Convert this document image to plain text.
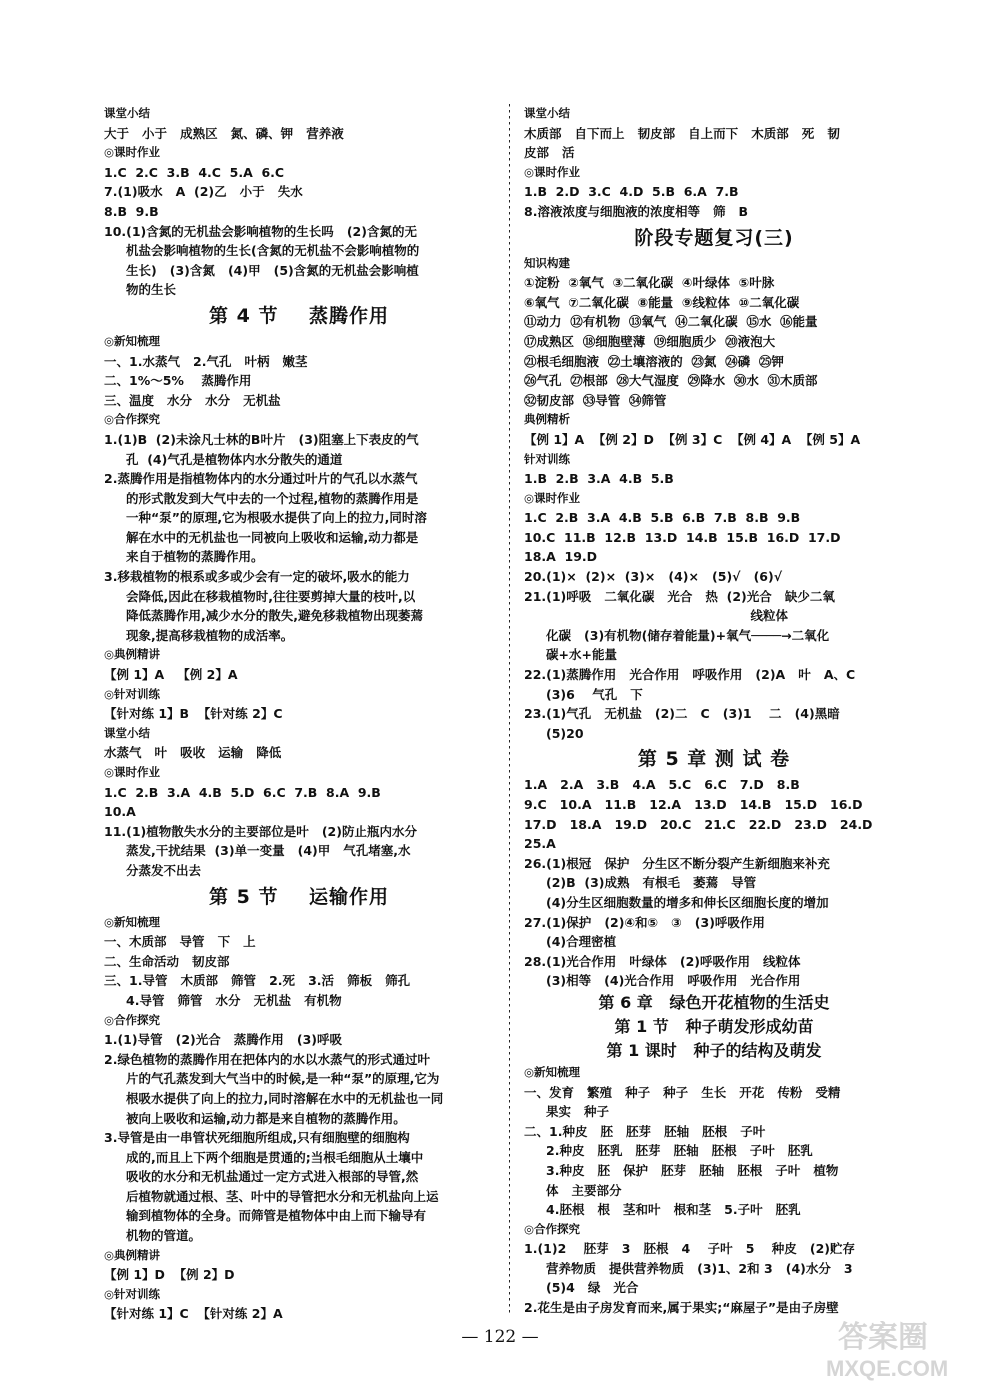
课堂小结
大于   小于   成熟区   氮、磷、钾   营养液
◎课时作业
1.C  2.C  3.B  4.C  5.A  6.C
7.(1)吸水   A  (2)乙   小于   失水
8.B  9.B
10.(1)含氮的无机盐会影响植物的生长吗   (2)含氮的无
机盐会影响植物的生长(含氮的无机盐不会影响植物的
生长)   (3)含氮   (4)甲   (5)含氮的无机盐会影响植
物的生长
第 4 节    蒸腾作用
◎新知梳理
一、1.水蒸气   2.气孔   叶柄   嫩茎
二、1%～5%    蒸腾作用
三、温度   水分   水分   无机盐
◎合作探究
1.(1)B  (2)未涂凡士林的B叶片   (3)阻塞上下表皮的气
孔  (4)气孔是植物体内水分散失的通道
2.蒸腾作用是指植物体内的水分通过叶片的气孔以水蒸气
的形式散发到大气中去的一个过程,植物的蒸腾作用是
一种“泵”的原理,它为根吸水提供了向上的拉力,同时溶
解在水中的无机盐也一同被向上吸收和运输,动力都是
来自于植物的蒸腾作用。
3.移栽植物的根系或多或少会有一定的破坏,吸水的能力
会降低,因此在移栽植物时,往往要剪掉大量的枝叶,以
降低蒸腾作用,减少水分的散失,避免移栽植物出现萎蔫
现象,提高移栽植物的成活率。
◎典例精讲
【例 1】A   【例 2】A
◎针对训练
【针对练 1】B  【针对练 2】C
课堂小结
水蒸气   叶   吸收   运输   降低
◎课时作业
1.C  2.B  3.A  4.B  5.D  6.C  7.B  8.A  9.B
10.A
11.(1)植物散失水分的主要部位是叶   (2)防止瓶内水分
蒸发,干扰结果  (3)单一变量   (4)甲   气孔堵塞,水
分蒸发不出去
第 5 节    运输作用
◎新知梳理
一、木质部   导管   下   上
二、生命活动   韧皮部
三、1.导管   木质部   筛管   2.死   3.活   筛板   筛孔
4.导管   筛管   水分   无机盐   有机物
◎合作探究
1.(1)导管   (2)光合   蒸腾作用   (3)呼吸
2.绿色植物的蒸腾作用在把体内的水以水蒸气的形式通过叶
片的气孔蒸发到大气当中的时候,是一种“泵”的原理,它为
根吸水提供了向上的拉力,同时溶解在水中的无机盐也一同
被向上吸收和运输,动力都是来自植物的蒸腾作用。
3.导管是由一串管状死细胞所组成,只有细胞壁的细胞构
成的,而且上下两个细胞是贯通的;当根毛细胞从土壤中
吸收的水分和无机盐通过一定方式进入根部的导管,然
后植物就通过根、茎、叶中的导管把水分和无机盐向上运
输到植物体的全身。而筛管是植物体中由上而下输导有
机物的管道。
◎典例精讲
【例 1】D  【例 2】D
◎针对训练
【针对练 1】C  【针对练 2】A
课堂小结
木质部   自下而上   韧皮部   自上而下   木质部   死   韧
皮部   活
◎课时作业
1.B  2.D  3.C  4.D  5.B  6.A  7.B
8.溶液浓度与细胞液的浓度相等   筛   B
阶段专题复习(三)
知识构建
①淀粉  ②氧气  ③二氧化碳  ④叶绿体  ⑤叶脉
⑥氧气  ⑦二氧化碳  ⑧能量  ⑨线粒体  ⑩二氧化碳
⑪动力  ⑫有机物  ⑬氧气  ⑭二氧化碳  ⑮水  ⑯能量
⑰成熟区  ⑱细胞壁薄  ⑲细胞质少  ⑳液泡大
㉑根毛细胞液  ㉒土壤溶液的  ㉓氮  ㉔磷  ㉕钾
㉖气孔  ㉗根部  ㉘大气湿度  ㉙降水  ㉚水  ㉛木质部
㉜韧皮部  ㉝导管  ㉞筛管
典例精析
【例 1】A  【例 2】D  【例 3】C  【例 4】A  【例 5】A
针对训练
1.B  2.B  3.A  4.B  5.B
◎课时作业
1.C  2.B  3.A  4.B  5.B  6.B  7.B  8.B  9.B
10.C  11.B  12.B  13.D  14.B  15.B  16.D  17.D
18.A  19.D
20.(1)×  (2)×  (3)×   (4)×   (5)√   (6)√
21.(1)呼吸   二氧化碳   光合   热  (2)光合   缺少二氧
线粒体
化碳   (3)有机物(储存着能量)+氧气────→二氧化
碳+水+能量
22.(1)蒸腾作用   光合作用   呼吸作用   (2)A   叶   A、C
(3)6    气孔   下
23.(1)气孔   无机盐   (2)二   C   (3)1    二   (4)黑暗
(5)20
第 5 章 测 试 卷
1.A   2.A   3.B   4.A   5.C   6.C   7.D   8.B
9.C   10.A   11.B   12.A   13.D   14.B   15.D   16.D
17.D   18.A   19.D   20.C   21.C   22.D   23.D   24.D
25.A
26.(1)根冠   保护   分生区不断分裂产生新细胞来补充
(2)B  (3)成熟   有根毛   萎蔫   导管
(4)分生区细胞数量的增多和伸长区细胞长度的增加
27.(1)保护   (2)④和⑤   ③   (3)呼吸作用
(4)合理密植
28.(1)光合作用   叶绿体   (2)呼吸作用   线粒体
(3)相等   (4)光合作用   呼吸作用   光合作用
第 6 章   绿色开花植物的生活史
第 1 节   种子萌发形成幼苗
第 1 课时   种子的结构及萌发
◎新知梳理
一、发育   繁殖   种子   种子   生长   开花   传粉   受精
果实   种子
二、1.种皮   胚   胚芽   胚轴   胚根   子叶
2.种皮   胚乳   胚芽   胚轴   胚根   子叶   胚乳
3.种皮   胚   保护   胚芽   胚轴   胚根   子叶   植物
体   主要部分
4.胚根   根   茎和叶   根和茎   5.子叶   胚乳
◎合作探究
1.(1)2    胚芽   3   胚根   4    子叶   5    种皮   (2)贮存
营养物质   提供营养物质   (3)1、2和 3   (4)水分   3
(5)4   绿   光合
2.花生是由子房发育而来,属于果实;“麻屋子”是由子房壁
— 122 —	答案圈
MXQE.COM
